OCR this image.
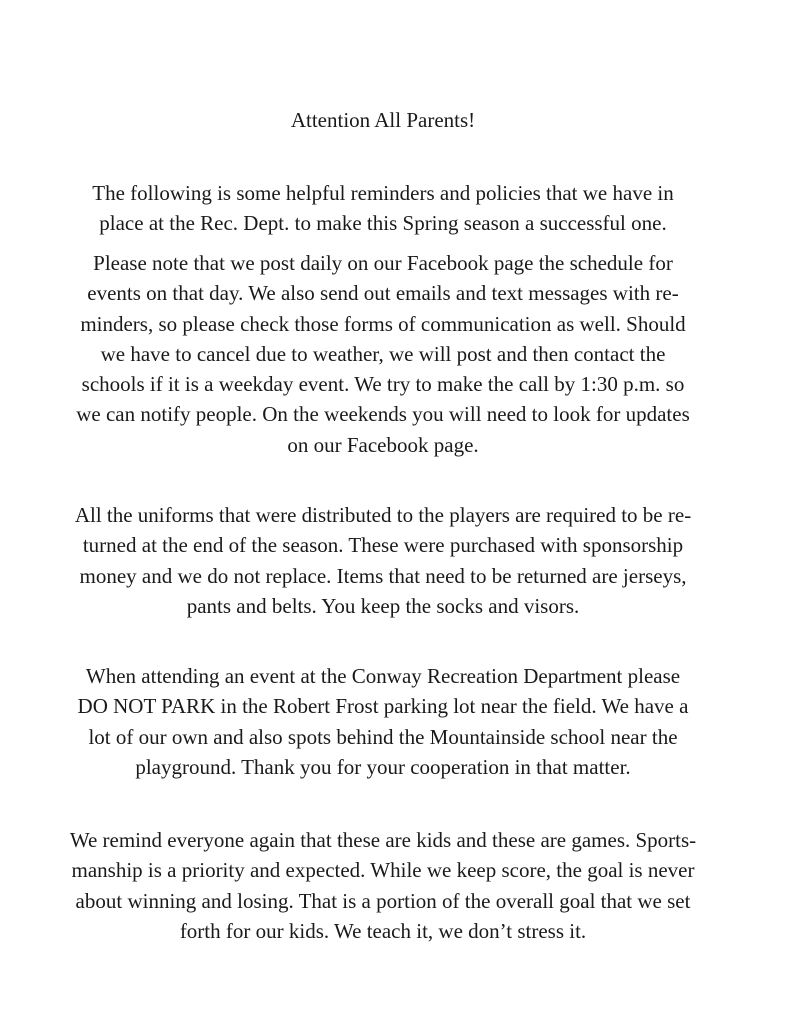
Attention All Parents!
The following is some helpful reminders and policies that we have in
place at the Rec. Dept. to make this Spring season a successful one.
Please note that we post daily on our Facebook page the schedule for
events on that day. We also send out emails and text messages with re-
minders, so please check those forms of communication as well. Should
we have to cancel due to weather, we will post and then contact the
schools if it is a weekday event. We try to make the call by 1:30 p.m. so
we can notify people. On the weekends you will need to look for updates
on our Facebook page.
All the uniforms that were distributed to the players are required to be re-
turned at the end of the season. These were purchased with sponsorship
money and we do not replace. Items that need to be returned are jerseys,
pants and belts. You keep the socks and visors.
When attending an event at the Conway Recreation Department please
DO NOT PARK in the Robert Frost parking lot near the field. We have a
lot of our own and also spots behind the Mountainside school near the
playground. Thank you for your cooperation in that matter.
We remind everyone again that these are kids and these are games. Sports-
manship is a priority and expected. While we keep score, the goal is never
about winning and losing. That is a portion of the overall goal that we set
forth for our kids. We teach it, we don’t stress it.
